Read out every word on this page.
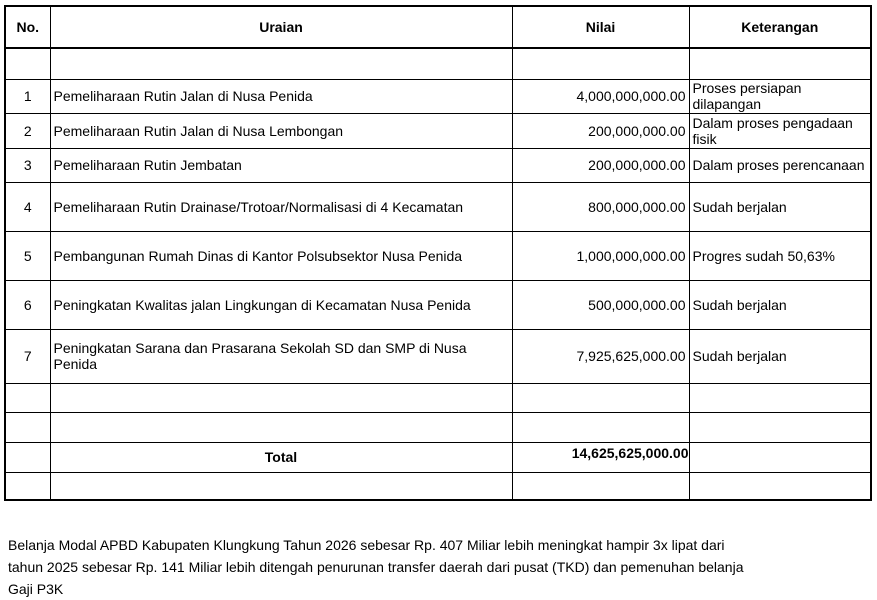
No.	Uraian	Nilai	Keterangan

1	Pemeliharaan Rutin Jalan di Nusa Penida	4,000,000,000.00	Proses persiapan dilapangan
2	Pemeliharaan Rutin Jalan di Nusa Lembongan	200,000,000.00	Dalam proses pengadaan fisik
3	Pemeliharaan Rutin Jembatan	200,000,000.00	Dalam proses perencanaan
4	Pemeliharaan Rutin Drainase/Trotoar/Normalisasi di 4 Kecamatan	800,000,000.00	Sudah berjalan
5	Pembangunan Rumah Dinas di Kantor Polsubsektor Nusa Penida	1,000,000,000.00	Progres sudah 50,63%
6	Peningkatan Kwalitas jalan Lingkungan di Kecamatan Nusa Penida	500,000,000.00	Sudah berjalan
7	Peningkatan Sarana dan Prasarana Sekolah SD dan SMP di Nusa Penida	7,925,625,000.00	Sudah berjalan

	Total	14,625,625,000.00	

Belanja Modal APBD Kabupaten Klungkung Tahun 2026 sebesar Rp. 407 Miliar lebih meningkat hampir 3x lipat dari
tahun 2025 sebesar Rp. 141 Miliar lebih ditengah penurunan transfer daerah dari pusat (TKD) dan pemenuhan belanja
Gaji P3K
